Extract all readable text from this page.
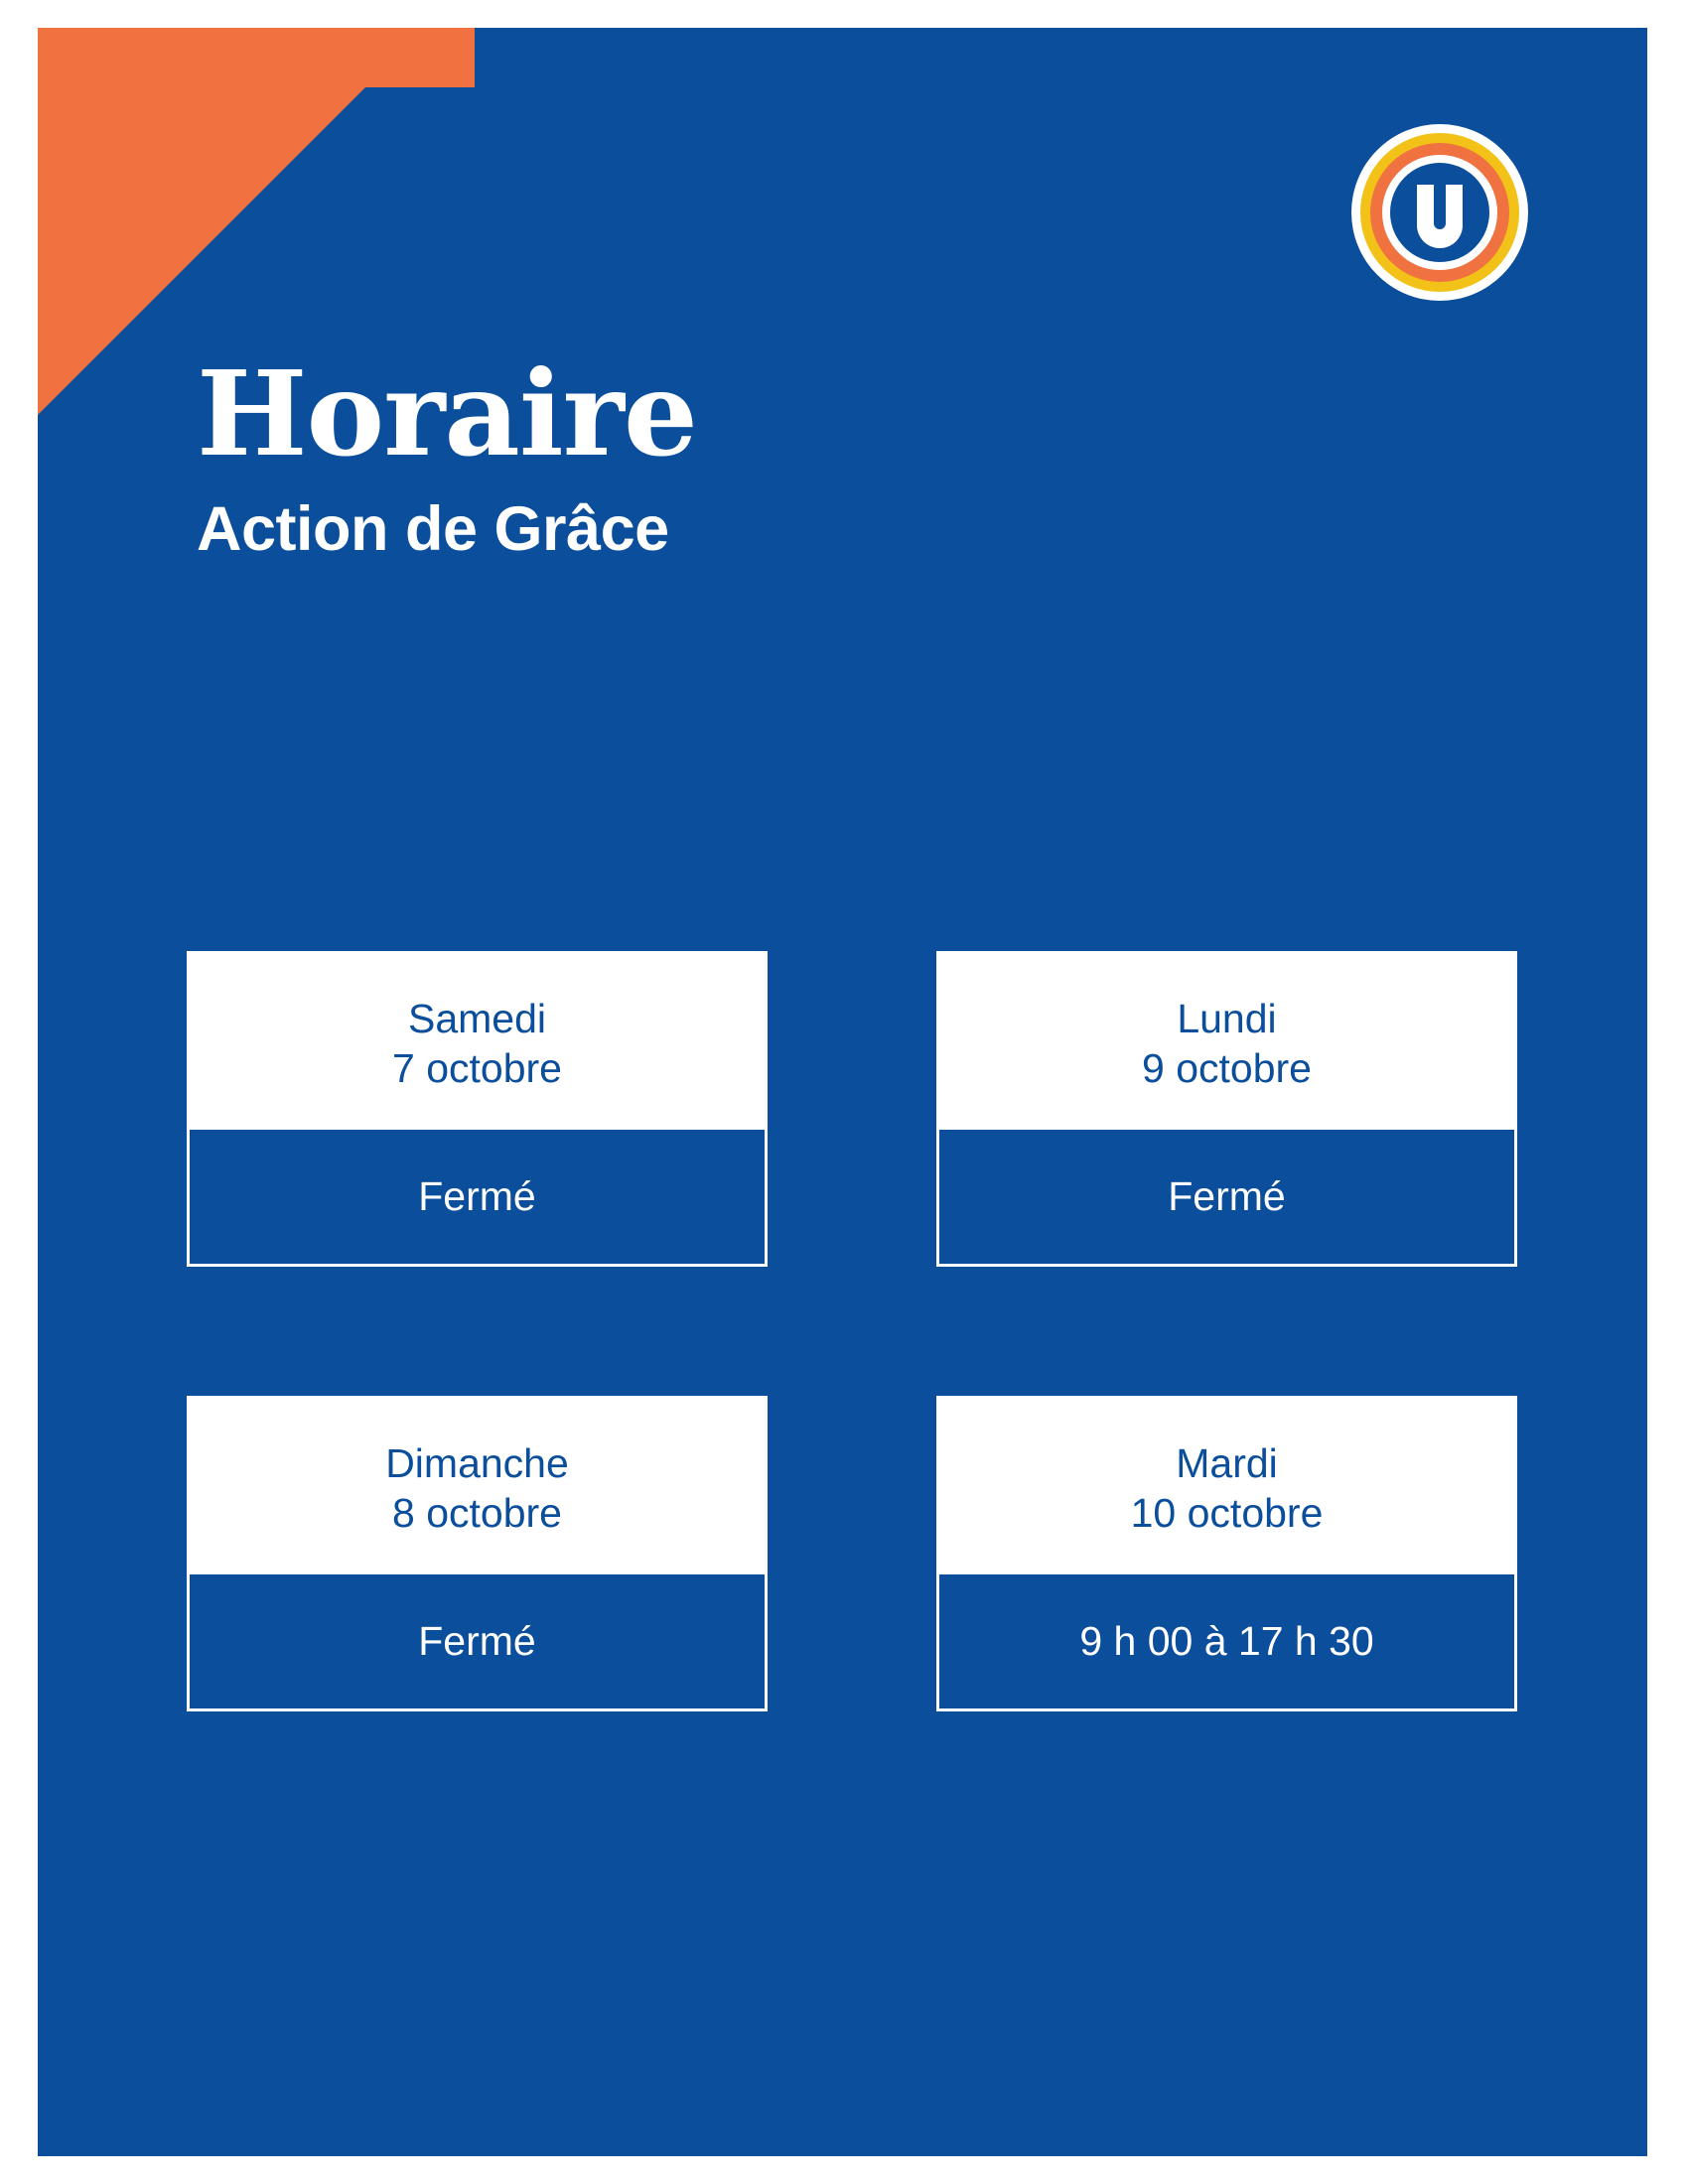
Horaire
Action de Grâce
Samedi
7 octobre
Fermé
Lundi
9 octobre
Fermé
Dimanche
8 octobre
Fermé
Mardi
10 octobre
9 h 00 à 17 h 30
